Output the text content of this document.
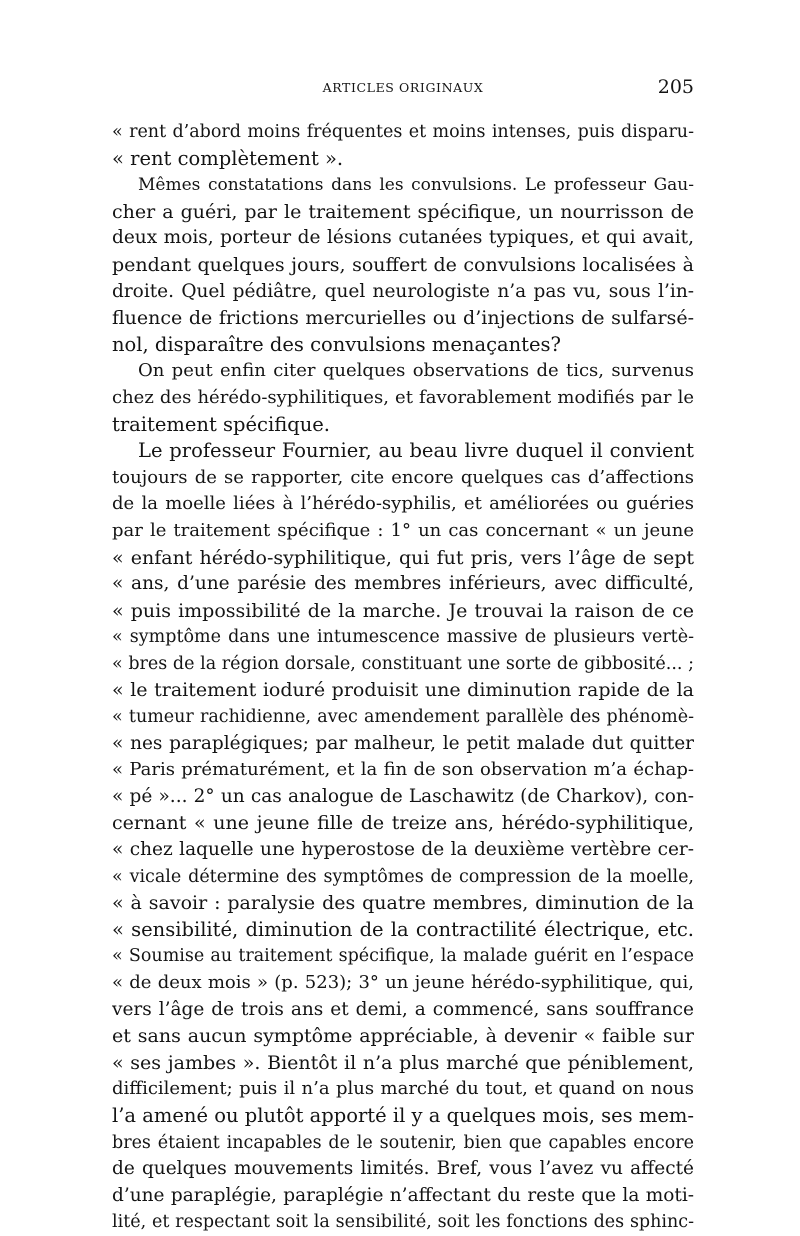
ARTICLES ORIGINAUX	205
« rent d’abord moins fréquentes et moins intenses, puis disparu-
« rent complètement ».
Mêmes constatations dans les convulsions. Le professeur Gau-
cher a guéri, par le traitement spécifique, un nourrisson de
deux mois, porteur de lésions cutanées typiques, et qui avait,
pendant quelques jours, souffert de convulsions localisées à
droite. Quel pédiâtre, quel neurologiste n’a pas vu, sous l’in-
fluence de frictions mercurielles ou d’injections de sulfarsé-
nol, disparaître des convulsions menaçantes?
On peut enfin citer quelques observations de tics, survenus
chez des hérédo-syphilitiques, et favorablement modifiés par le
traitement spécifique.
Le professeur Fournier, au beau livre duquel il convient
toujours de se rapporter, cite encore quelques cas d’affections
de la moelle liées à l’hérédo-syphilis, et améliorées ou guéries
par le traitement spécifique : 1° un cas concernant « un jeune
« enfant hérédo-syphilitique, qui fut pris, vers l’âge de sept
« ans, d’une parésie des membres inférieurs, avec difficulté,
« puis impossibilité de la marche. Je trouvai la raison de ce
« symptôme dans une intumescence massive de plusieurs vertè-
« bres de la région dorsale, constituant une sorte de gibbosité... ;
« le traitement ioduré produisit une diminution rapide de la
« tumeur rachidienne, avec amendement parallèle des phénomè-
« nes paraplégiques; par malheur, le petit malade dut quitter
« Paris prématurément, et la fin de son observation m’a échap-
« pé »... 2° un cas analogue de Laschawitz (de Charkov), con-
cernant « une jeune fille de treize ans, hérédo-syphilitique,
« chez laquelle une hyperostose de la deuxième vertèbre cer-
« vicale détermine des symptômes de compression de la moelle,
« à savoir : paralysie des quatre membres, diminution de la
« sensibilité, diminution de la contractilité électrique, etc.
« Soumise au traitement spécifique, la malade guérit en l’espace
« de deux mois » (p. 523); 3° un jeune hérédo-syphilitique, qui,
vers l’âge de trois ans et demi, a commencé, sans souffrance
et sans aucun symptôme appréciable, à devenir « faible sur
« ses jambes ». Bientôt il n’a plus marché que péniblement,
difficilement; puis il n’a plus marché du tout, et quand on nous
l’a amené ou plutôt apporté il y a quelques mois, ses mem-
bres étaient incapables de le soutenir, bien que capables encore
de quelques mouvements limités. Bref, vous l’avez vu affecté
d’une paraplégie, paraplégie n’affectant du reste que la moti-
lité, et respectant soit la sensibilité, soit les fonctions des sphinc-
